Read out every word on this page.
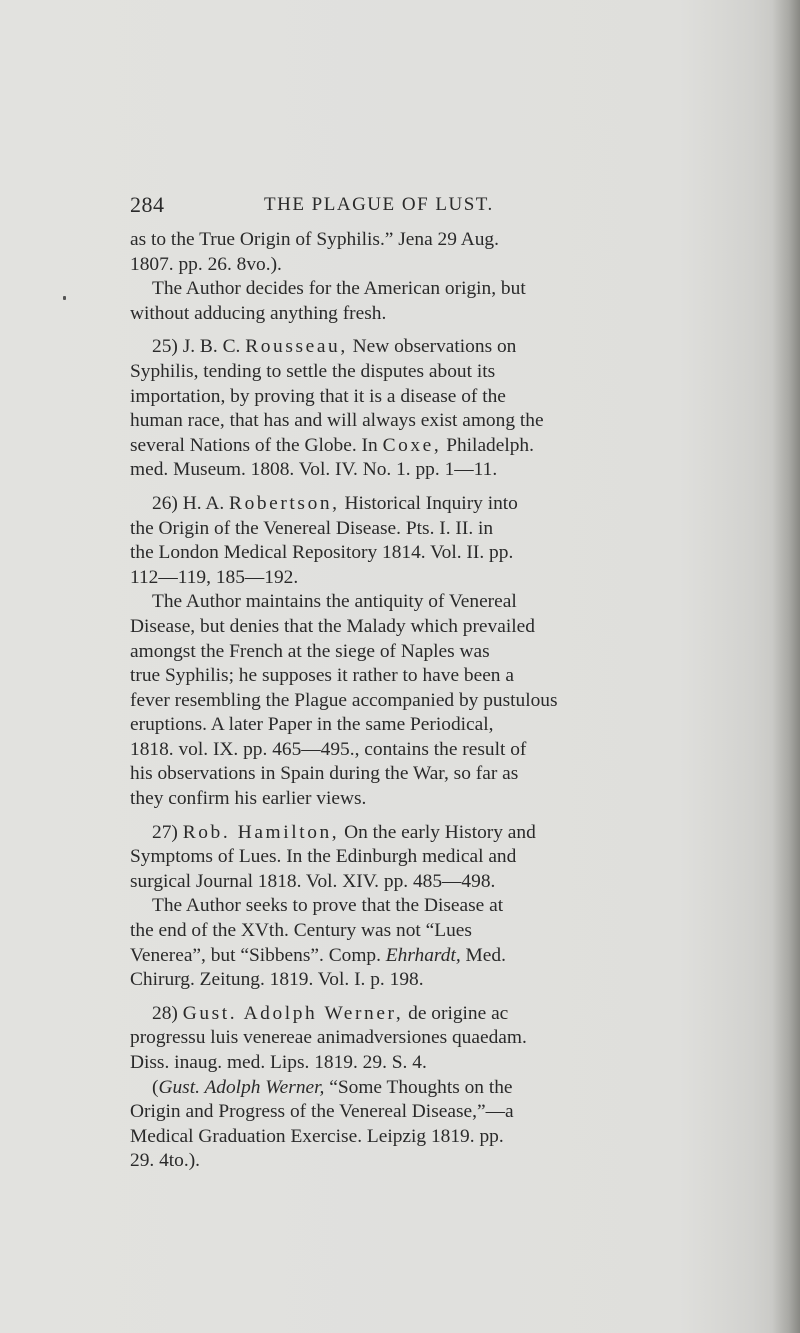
284	THE PLAGUE OF LUST.

as to the True Origin of Syphilis.” Jena 29 Aug.

1807. pp. 26. 8vo.).

The Author decides for the American origin, but

without adducing anything fresh.

25) J. B. C. Rousseau, New observations on

Syphilis, tending to settle the disputes about its

importation, by proving that it is a disease of the

human race, that has and will always exist among the

several Nations of the Globe. In Coxe, Philadelph.

med. Museum. 1808. Vol. IV. No. 1. pp. 1—11.

26) H. A. Robertson, Historical Inquiry into

the Origin of the Venereal Disease. Pts. I. II. in

the London Medical Repository 1814. Vol. II. pp.

112—119, 185—192.

The Author maintains the antiquity of Venereal

Disease, but denies that the Malady which prevailed

amongst the French at the siege of Naples was

true Syphilis; he supposes it rather to have been a

fever resembling the Plague accompanied by pustulous

eruptions. A later Paper in the same Periodical,

1818. vol. IX. pp. 465—495., contains the result of

his observations in Spain during the War, so far as

they confirm his earlier views.

27) Rob. Hamilton, On the early History and

Symptoms of Lues. In the Edinburgh medical and

surgical Journal 1818. Vol. XIV. pp. 485—498.

The Author seeks to prove that the Disease at

the end of the XVth. Century was not “Lues

Venerea”, but “Sibbens”. Comp. Ehrhardt, Med.

Chirurg. Zeitung. 1819. Vol. I. p. 198.

28) Gust. Adolph Werner, de origine ac

progressu luis venereae animadversiones quaedam.

Diss. inaug. med. Lips. 1819. 29. S. 4.

(Gust. Adolph Werner, “Some Thoughts on the

Origin and Progress of the Venereal Disease,”—a

Medical Graduation Exercise. Leipzig 1819. pp.

29. 4to.).
